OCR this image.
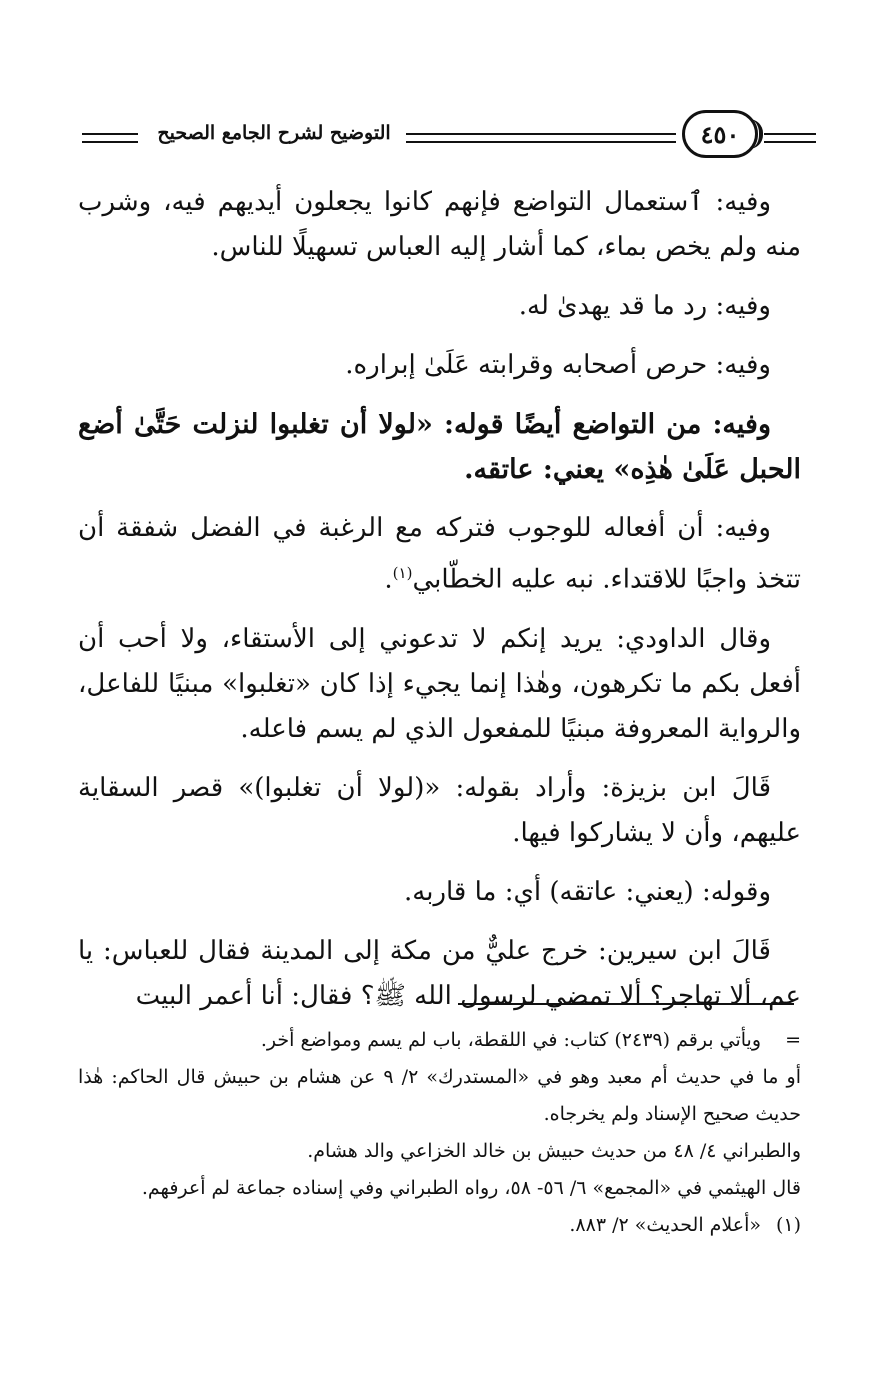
التوضيح لشرح الجامع الصحيح	٤٥٠

وفيه: ٱستعمال التواضع فإنهم كانوا يجعلون أيديهم فيه، وشرب منه ولم يخص بماء، كما أشار إليه العباس تسهيلًا للناس.

وفيه: رد ما قد يهدىٰ له.

وفيه: حرص أصحابه وقرابته عَلَىٰ إبراره.

وفيه: من التواضع أيضًا قوله: «لولا أن تغلبوا لنزلت حَتَّىٰ أضع الحبل عَلَىٰ هٰذِه» يعني: عاتقه.

وفيه: أن أفعاله للوجوب فتركه مع الرغبة في الفضل شفقة أن تتخذ واجبًا للاقتداء. نبه عليه الخطّابي$^{(١)}$.

وقال الداودي: يريد إنكم لا تدعوني إلى الأستقاء، ولا أحب أن أفعل بكم ما تكرهون، وهٰذا إنما يجيء إذا كان «تغلبوا» مبنيًا للفاعل، والرواية المعروفة مبنيًا للمفعول الذي لم يسم فاعله.

قَالَ ابن بزيزة: وأراد بقوله: «(لولا أن تغلبوا)» قصر السقاية عليهم، وأن لا يشاركوا فيها.

وقوله: (يعني: عاتقه) أي: ما قاربه.

قَالَ ابن سيرين: خرج عليٌّ من مكة إلى المدينة فقال للعباس: يا عم، ألا تهاجر؟ ألا تمضي لرسول الله ﷺ؟ فقال: أنا أعمر البيت

=ويأتي برقم (٢٤٣٩) كتاب: في اللقطة، باب لم يسم ومواضع أخر.

أو ما في حديث أم معبد وهو في «المستدرك» ٢/ ٩ عن هشام بن حبيش قال الحاكم: هٰذا حديث صحيح الإسناد ولم يخرجاه.

والطبراني ٤/ ٤٨ من حديث حبيش بن خالد الخزاعي والد هشام.

قال الهيثمي في «المجمع» ٦/ ٥٦- ٥٨، رواه الطبراني وفي إسناده جماعة لم أعرفهم.

(١)«أعلام الحديث» ٢/ ٨٨٣.
